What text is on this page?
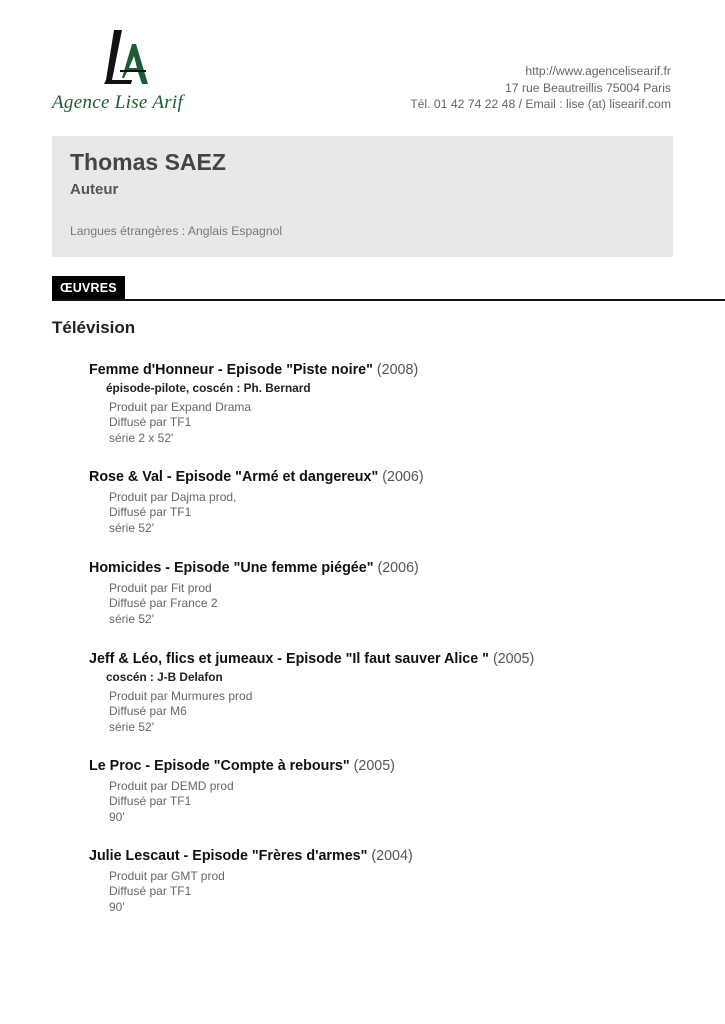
Agence Lise Arif
http://www.agencelisearif.fr
17 rue Beautreillis 75004 Paris
Tél. 01 42 74 22 48 / Email : lise (at) lisearif.com
Thomas SAEZ
Auteur
Langues étrangères : Anglais Espagnol
ŒUVRES
Télévision
Femme d'Honneur - Episode "Piste noire" (2008)
épisode-pilote, coscén : Ph. Bernard
Produit par Expand Drama
Diffusé par TF1
série 2 x 52'
Rose & Val - Episode "Armé et dangereux" (2006)
Produit par Dajma prod,
Diffusé par TF1
série 52'
Homicides - Episode "Une femme piégée" (2006)
Produit par Fit prod
Diffusé par France 2
série 52'
Jeff & Léo, flics et jumeaux - Episode "Il faut sauver Alice " (2005)
coscén : J-B Delafon
Produit par Murmures prod
Diffusé par M6
série 52'
Le Proc - Episode "Compte à rebours" (2005)
Produit par DEMD prod
Diffusé par TF1
90'
Julie Lescaut - Episode "Frères d'armes" (2004)
Produit par GMT prod
Diffusé par TF1
90'
